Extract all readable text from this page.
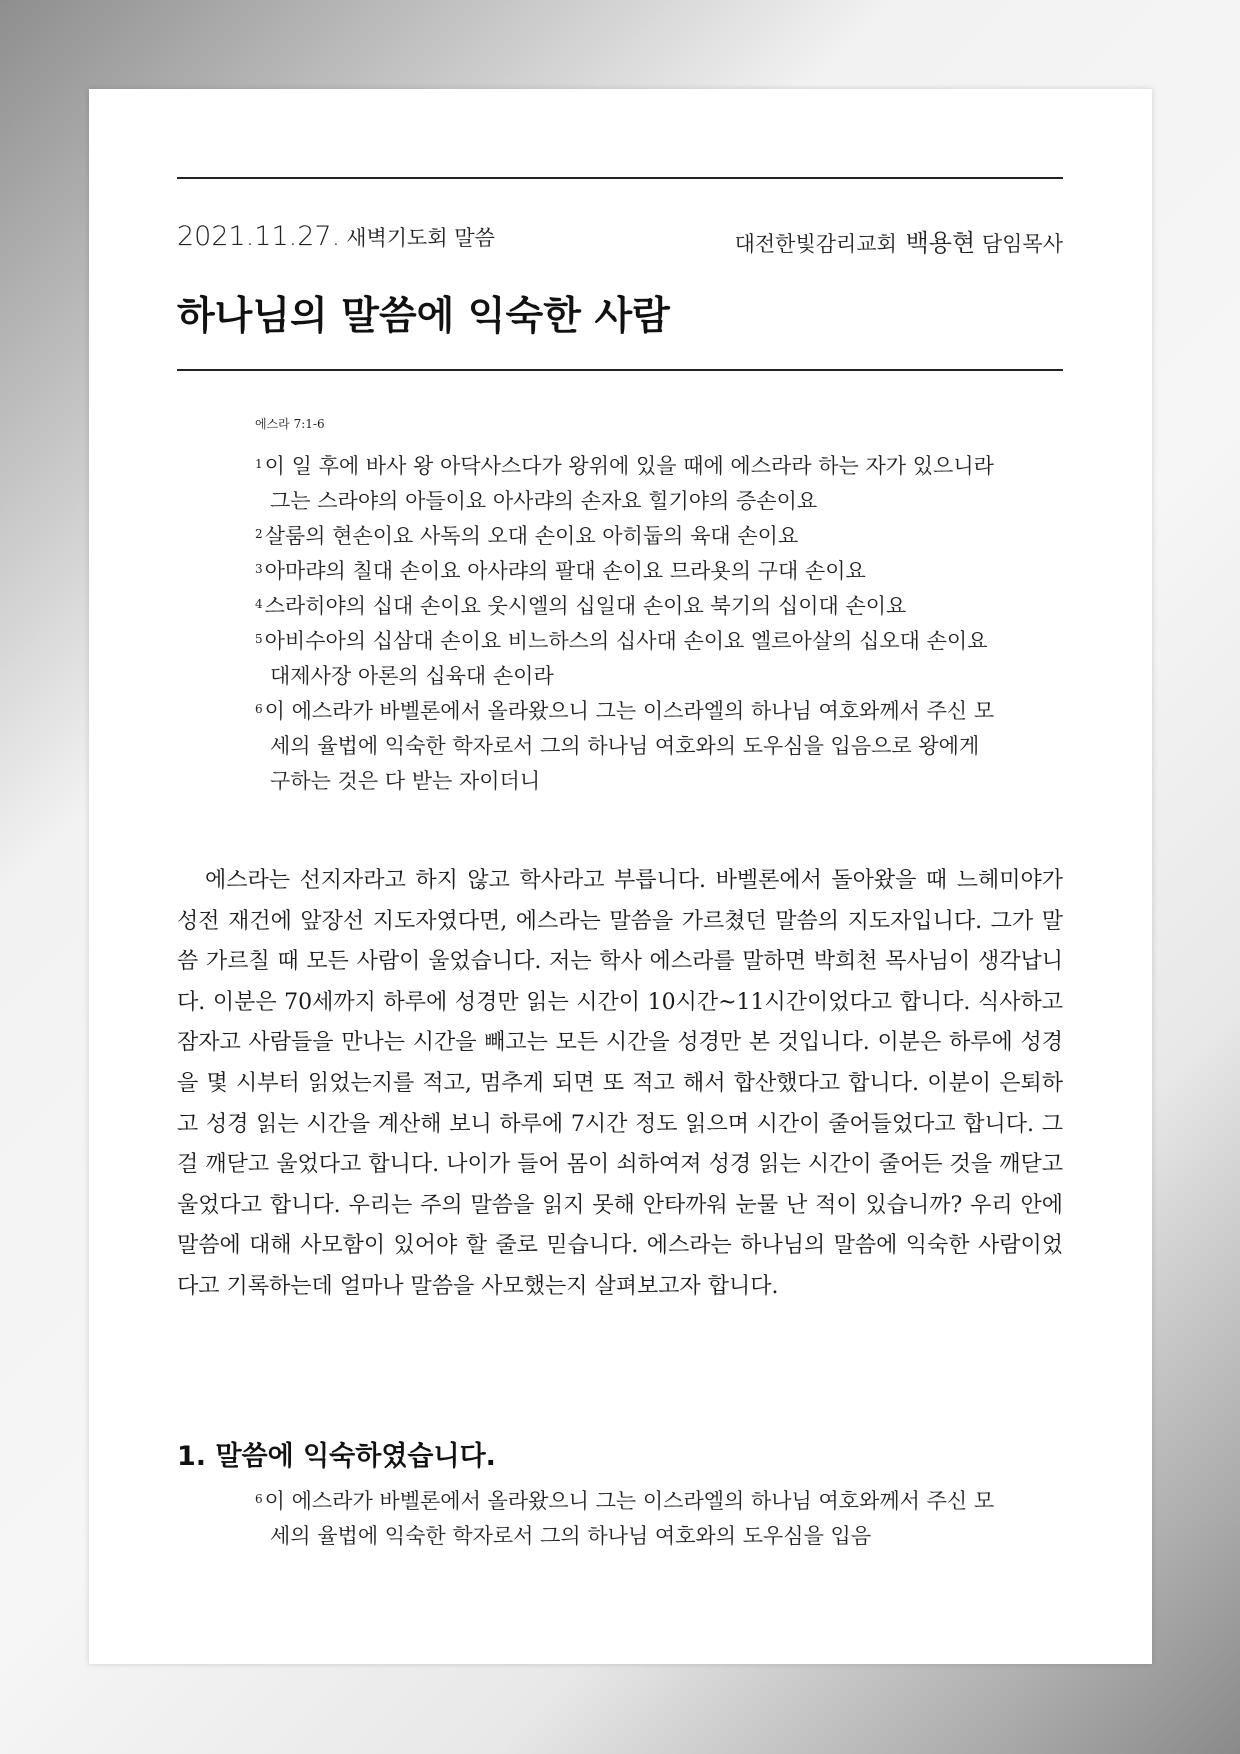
2021.11.27. 새벽기도회 말씀	대전한빛감리교회 백용현 담임목사
하나님의 말씀에 익숙한 사람
에스라 7:1-6
$^1$이 일 후에 바사 왕 아닥사스다가 왕위에 있을 때에 에스라라 하는 자가 있으니라 그는 스라야의 아들이요 아사랴의 손자요 힐기야의 증손이요
$^2$살룸의 현손이요 사독의 오대 손이요 아히둡의 육대 손이요
$^3$아마랴의 칠대 손이요 아사랴의 팔대 손이요 므라욧의 구대 손이요
$^4$스라히야의 십대 손이요 웃시엘의 십일대 손이요 북기의 십이대 손이요
$^5$아비수아의 십삼대 손이요 비느하스의 십사대 손이요 엘르아살의 십오대 손이요 대제사장 아론의 십육대 손이라
$^6$이 에스라가 바벨론에서 올라왔으니 그는 이스라엘의 하나님 여호와께서 주신 모세의 율법에 익숙한 학자로서 그의 하나님 여호와의 도우심을 입음으로 왕에게 구하는 것은 다 받는 자이더니

에스라는 선지자라고 하지 않고 학사라고 부릅니다. 바벨론에서 돌아왔을 때 느헤미야가 성전 재건에 앞장선 지도자였다면, 에스라는 말씀을 가르쳤던 말씀의 지도자입니다. 그가 말씀 가르칠 때 모든 사람이 울었습니다. 저는 학사 에스라를 말하면 박희천 목사님이 생각납니다. 이분은 70세까지 하루에 성경만 읽는 시간이 10시간~11시간이었다고 합니다. 식사하고 잠자고 사람들을 만나는 시간을 빼고는 모든 시간을 성경만 본 것입니다. 이분은 하루에 성경을 몇 시부터 읽었는지를 적고, 멈추게 되면 또 적고 해서 합산했다고 합니다. 이분이 은퇴하고 성경 읽는 시간을 계산해 보니 하루에 7시간 정도 읽으며 시간이 줄어들었다고 합니다. 그걸 깨닫고 울었다고 합니다. 나이가 들어 몸이 쇠하여져 성경 읽는 시간이 줄어든 것을 깨닫고 울었다고 합니다. 우리는 주의 말씀을 읽지 못해 안타까워 눈물 난 적이 있습니까? 우리 안에 말씀에 대해 사모함이 있어야 할 줄로 믿습니다. 에스라는 하나님의 말씀에 익숙한 사람이었다고 기록하는데 얼마나 말씀을 사모했는지 살펴보고자 합니다.

1. 말씀에 익숙하였습니다.
$^6$이 에스라가 바벨론에서 올라왔으니 그는 이스라엘의 하나님 여호와께서 주신 모세의 율법에 익숙한 학자로서 그의 하나님 여호와의 도우심을 입음
